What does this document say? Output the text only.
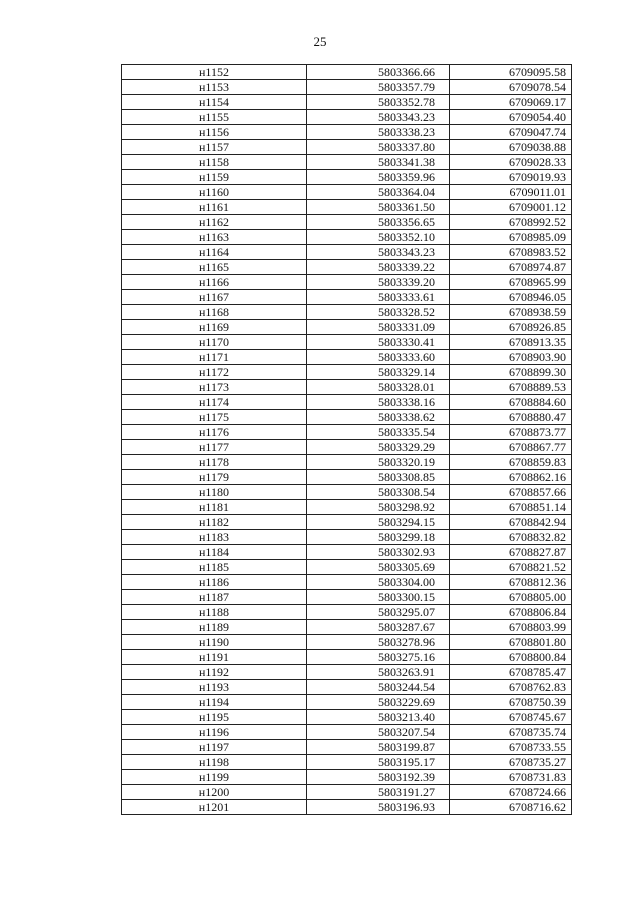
25
н1152	5803366.66	6709095.58
н1153	5803357.79	6709078.54
н1154	5803352.78	6709069.17
н1155	5803343.23	6709054.40
н1156	5803338.23	6709047.74
н1157	5803337.80	6709038.88
н1158	5803341.38	6709028.33
н1159	5803359.96	6709019.93
н1160	5803364.04	6709011.01
н1161	5803361.50	6709001.12
н1162	5803356.65	6708992.52
н1163	5803352.10	6708985.09
н1164	5803343.23	6708983.52
н1165	5803339.22	6708974.87
н1166	5803339.20	6708965.99
н1167	5803333.61	6708946.05
н1168	5803328.52	6708938.59
н1169	5803331.09	6708926.85
н1170	5803330.41	6708913.35
н1171	5803333.60	6708903.90
н1172	5803329.14	6708899.30
н1173	5803328.01	6708889.53
н1174	5803338.16	6708884.60
н1175	5803338.62	6708880.47
н1176	5803335.54	6708873.77
н1177	5803329.29	6708867.77
н1178	5803320.19	6708859.83
н1179	5803308.85	6708862.16
н1180	5803308.54	6708857.66
н1181	5803298.92	6708851.14
н1182	5803294.15	6708842.94
н1183	5803299.18	6708832.82
н1184	5803302.93	6708827.87
н1185	5803305.69	6708821.52
н1186	5803304.00	6708812.36
н1187	5803300.15	6708805.00
н1188	5803295.07	6708806.84
н1189	5803287.67	6708803.99
н1190	5803278.96	6708801.80
н1191	5803275.16	6708800.84
н1192	5803263.91	6708785.47
н1193	5803244.54	6708762.83
н1194	5803229.69	6708750.39
н1195	5803213.40	6708745.67
н1196	5803207.54	6708735.74
н1197	5803199.87	6708733.55
н1198	5803195.17	6708735.27
н1199	5803192.39	6708731.83
н1200	5803191.27	6708724.66
н1201	5803196.93	6708716.62
